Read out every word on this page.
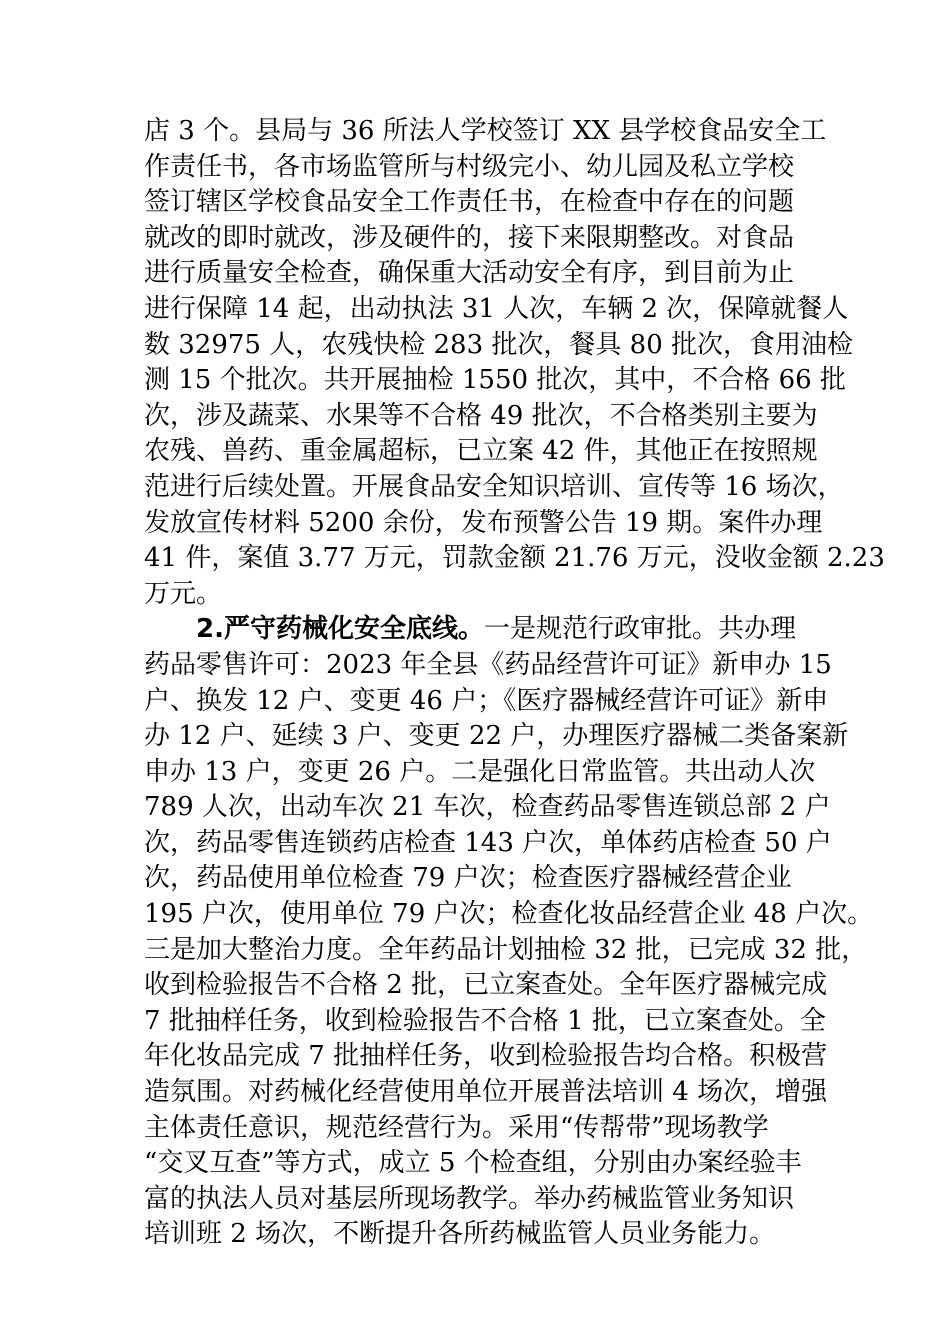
店 3 个。县局与 36 所法人学校签订 XX 县学校食品安全工
作责任书，各市场监管所与村级完小、幼儿园及私立学校
签订辖区学校食品安全工作责任书，在检查中存在的问题
就改的即时就改，涉及硬件的，接下来限期整改。对食品
进行质量安全检查，确保重大活动安全有序，到目前为止
进行保障 14 起，出动执法 31 人次，车辆 2 次，保障就餐人
数 32975 人，农残快检 283 批次，餐具 80 批次，食用油检
测 15 个批次。共开展抽检 1550 批次，其中，不合格 66 批
次，涉及蔬菜、水果等不合格 49 批次，不合格类别主要为
农残、兽药、重金属超标，已立案 42 件，其他正在按照规
范进行后续处置。开展食品安全知识培训、宣传等 16 场次，
发放宣传材料 5200 余份，发布预警公告 19 期。案件办理
41 件，案值 3.77 万元，罚款金额 21.76 万元，没收金额 2.23
万元。
2.严守药械化安全底线。一是规范行政审批。共办理
药品零售许可：2023 年全县《药品经营许可证》新申办 15
户、换发 12 户、变更 46 户；《医疗器械经营许可证》新申
办 12 户、延续 3 户、变更 22 户，办理医疗器械二类备案新
申办 13 户，变更 26 户。二是强化日常监管。共出动人次
789 人次，出动车次 21 车次，检查药品零售连锁总部 2 户
次，药品零售连锁药店检查 143 户次，单体药店检查 50 户
次，药品使用单位检查 79 户次；检查医疗器械经营企业
195 户次，使用单位 79 户次；检查化妆品经营企业 48 户次。
三是加大整治力度。全年药品计划抽检 32 批，已完成 32 批，
收到检验报告不合格 2 批，已立案查处。全年医疗器械完成
7 批抽样任务，收到检验报告不合格 1 批，已立案查处。全
年化妆品完成 7 批抽样任务，收到检验报告均合格。积极营
造氛围。对药械化经营使用单位开展普法培训 4 场次，增强
主体责任意识，规范经营行为。采用“传帮带”现场教学
“交叉互查”等方式，成立 5 个检查组，分别由办案经验丰
富的执法人员对基层所现场教学。举办药械监管业务知识
培训班 2 场次，不断提升各所药械监管人员业务能力。
